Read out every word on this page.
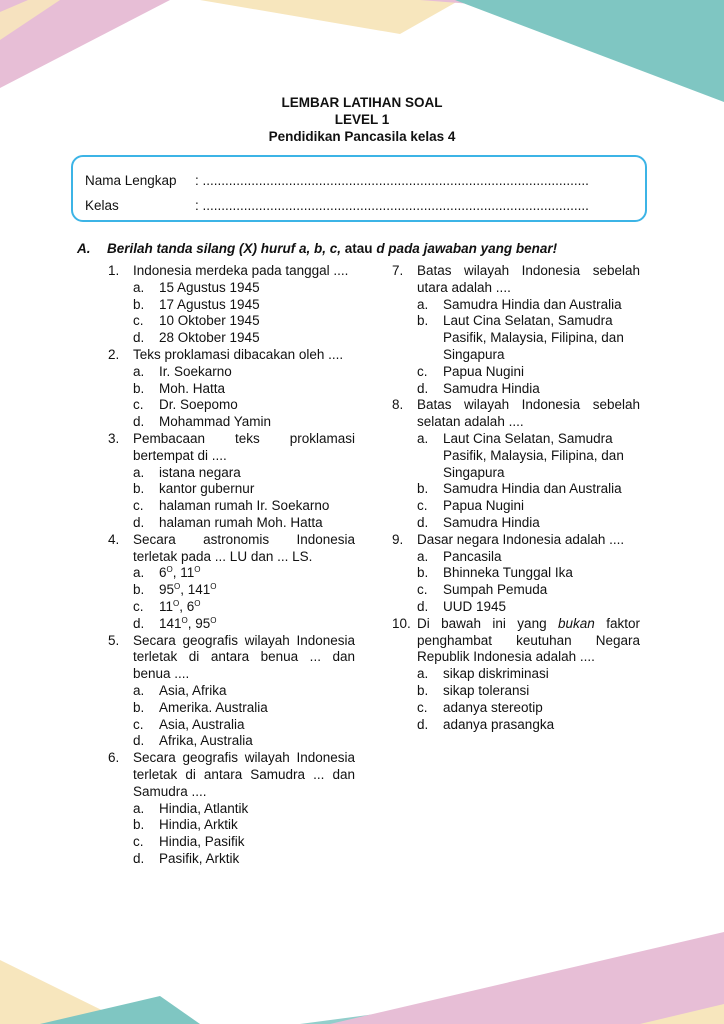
LEMBAR LATIHAN SOAL
LEVEL 1
Pendidikan Pancasila kelas 4
Nama Lengkap : .......................................................................................................
Kelas	: .......................................................................................................
A. Berilah tanda silang (X) huruf a, b, c, atau d pada jawaban yang benar!
1.	Indonesia merdeka pada tanggal ....
a.	15 Agustus 1945
b.	17 Agustus 1945
c.	10 Oktober 1945
d.	28 Oktober 1945
2.	Teks proklamasi dibacakan oleh ....
a.	Ir. Soekarno
b.	Moh. Hatta
c.	Dr. Soepomo
d.	Mohammad Yamin
3.	Pembacaan teks proklamasi bertempat di ....
a.	istana negara
b.	kantor gubernur
c.	halaman rumah Ir. Soekarno
d.	halaman rumah Moh. Hatta
4.	Secara astronomis Indonesia terletak pada ... LU dan ... LS.
a.	$6^O$, $11^O$
b.	$95^O$, $141^O$
c.	$11^O$, $6^O$
d.	$141^O$, $95^O$
5.	Secara geografis wilayah Indonesia terletak di antara benua ... dan benua ....
a.	Asia, Afrika
b.	Amerika. Australia
c.	Asia, Australia
d.	Afrika, Australia
6.	Secara geografis wilayah Indonesia terletak di antara Samudra ... dan Samudra ....
a.	Hindia, Atlantik
b.	Hindia, Arktik
c.	Hindia, Pasifik
d.	Pasifik, Arktik
7.	Batas wilayah Indonesia sebelah utara adalah ....
a.	Samudra Hindia dan Australia
b.	Laut Cina Selatan, Samudra Pasifik, Malaysia, Filipina, dan Singapura
c.	Papua Nugini
d.	Samudra Hindia
8.	Batas wilayah Indonesia sebelah selatan adalah ....
a.	Laut Cina Selatan, Samudra Pasifik, Malaysia, Filipina, dan Singapura
b.	Samudra Hindia dan Australia
c.	Papua Nugini
d.	Samudra Hindia
9.	Dasar negara Indonesia adalah ....
a.	Pancasila
b.	Bhinneka Tunggal Ika
c.	Sumpah Pemuda
d.	UUD 1945
10. Di bawah ini yang bukan faktor penghambat keutuhan Negara Republik Indonesia adalah ....
a.	sikap diskriminasi
b.	sikap toleransi
c.	adanya stereotip
d.	adanya prasangka
